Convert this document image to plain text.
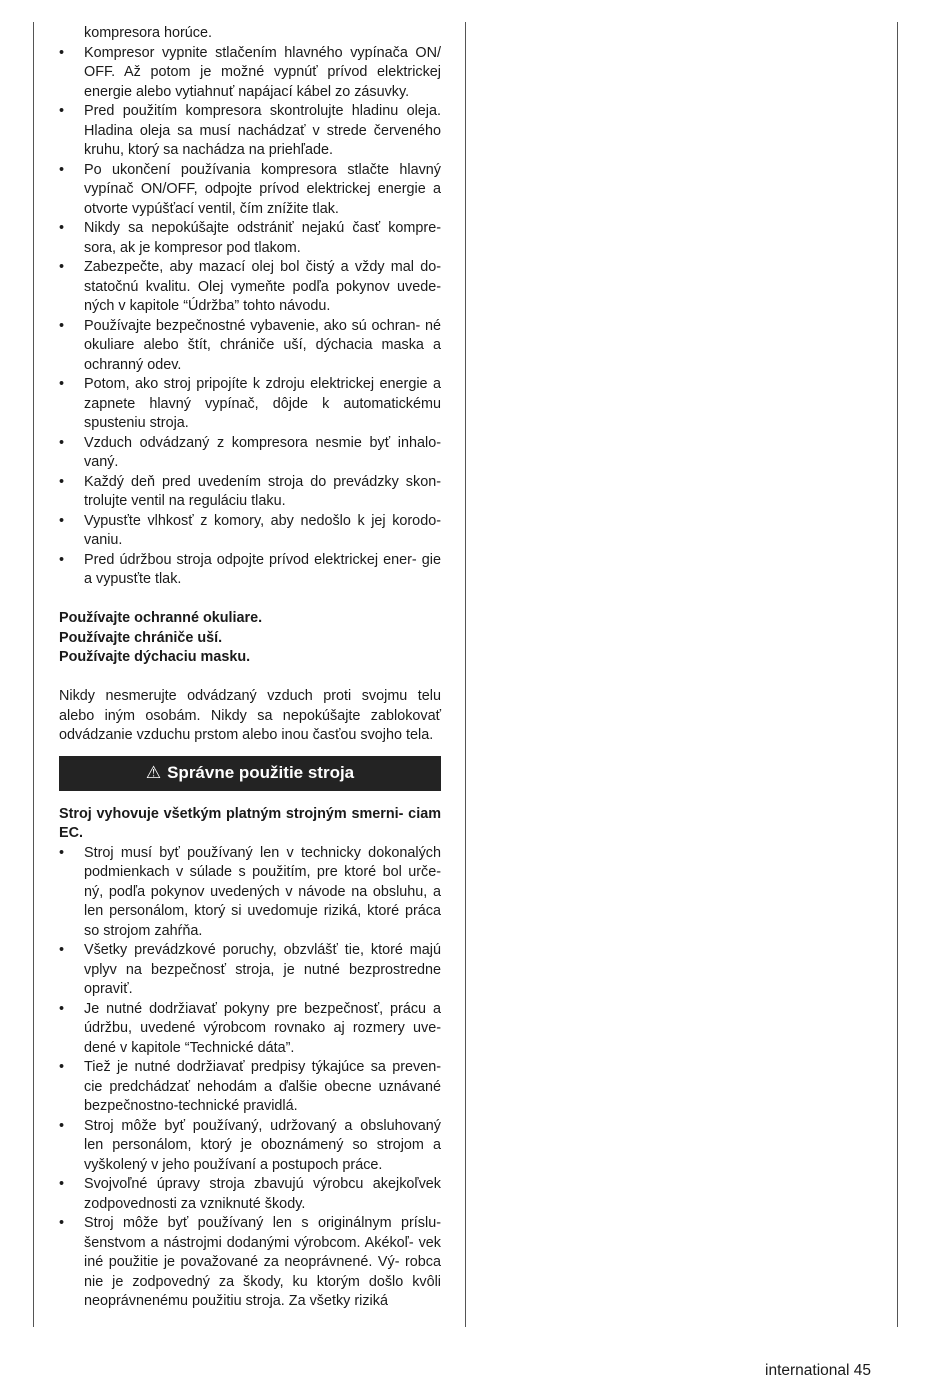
kompresora horúce.
• Kompresor vypnite stlačením hlavného vypínača ON/ OFF. Až potom je možné vypnúť prívod elektrickej energie alebo vytiahnuť napájací kábel zo zásuvky.
• Pred použitím kompresora skontrolujte hladinu oleja. Hladina oleja sa musí nachádzať v strede červeného kruhu, ktorý sa nachádza na priehľade.
• Po ukončení používania kompresora stlačte hlavný vypínač ON/OFF, odpojte prívod elektrickej energie a otvorte vypúšťací ventil, čím znížite tlak.
• Nikdy sa nepokúšajte odstrániť nejakú časť kompre- sora, ak je kompresor pod tlakom.
• Zabezpečte, aby mazací olej bol čistý a vždy mal do- statočnú kvalitu. Olej vymeňte podľa pokynov uvede- ných v kapitole “Údržba” tohto návodu.
• Používajte bezpečnostné vybavenie, ako sú ochran- né okuliare alebo štít, chrániče uší, dýchacia maska a ochranný odev.
• Potom, ako stroj pripojíte k zdroju elektrickej energie a zapnete hlavný vypínač, dôjde k automatickému spusteniu stroja.
• Vzduch odvádzaný z kompresora nesmie byť inhalo- vaný.
• Každý deň pred uvedením stroja do prevádzky skon- trolujte ventil na reguláciu tlaku.
• Vypusťte vlhkosť z komory, aby nedošlo k jej korodo- vaniu.
• Pred údržbou stroja odpojte prívod elektrickej ener- gie a vypusťte tlak.

Používajte ochranné okuliare.

Používajte chrániče uší.

Používajte dýchaciu masku.

Nikdy nesmerujte odvádzaný vzduch proti svojmu telu alebo iným osobám. Nikdy sa nepokúšajte zablokovať odvádzanie vzduchu prstom alebo inou časťou svojho tela.

⚠ Správne použitie stroja
Stroj vyhovuje všetkým platným strojným smerni- ciam EC.
• Stroj musí byť používaný len v technicky dokonalých podmienkach v súlade s použitím, pre ktoré bol urče- ný, podľa pokynov uvedených v návode na obsluhu, a len personálom, ktorý si uvedomuje riziká, ktoré práca so strojom zahŕňa.
• Všetky prevádzkové poruchy, obzvlášť tie, ktoré majú vplyv na bezpečnosť stroja, je nutné bezprostredne opraviť.
• Je nutné dodržiavať pokyny pre bezpečnosť, prácu a údržbu, uvedené výrobcom rovnako aj rozmery uve- dené v kapitole “Technické dáta”.
• Tiež je nutné dodržiavať predpisy týkajúce sa preven- cie predchádzať nehodám a ďalšie obecne uznávané bezpečnostno-technické pravidlá.
• Stroj môže byť používaný, udržovaný a obsluhovaný len personálom, ktorý je oboznámený so strojom a vyškolený v jeho používaní a postupoch práce.
• Svojvoľné úpravy stroja zbavujú výrobcu akejkoľvek zodpovednosti za vzniknuté škody.
• Stroj môže byť používaný len s originálnym príslu- šenstvom a nástrojmi dodanými výrobcom. Akékoľ- vek iné použitie je považované za neoprávnené. Vý- robca nie je zodpovedný za škody, ku ktorým došlo kvôli neoprávnenému použitiu stroja. Za všetky riziká
international 45
